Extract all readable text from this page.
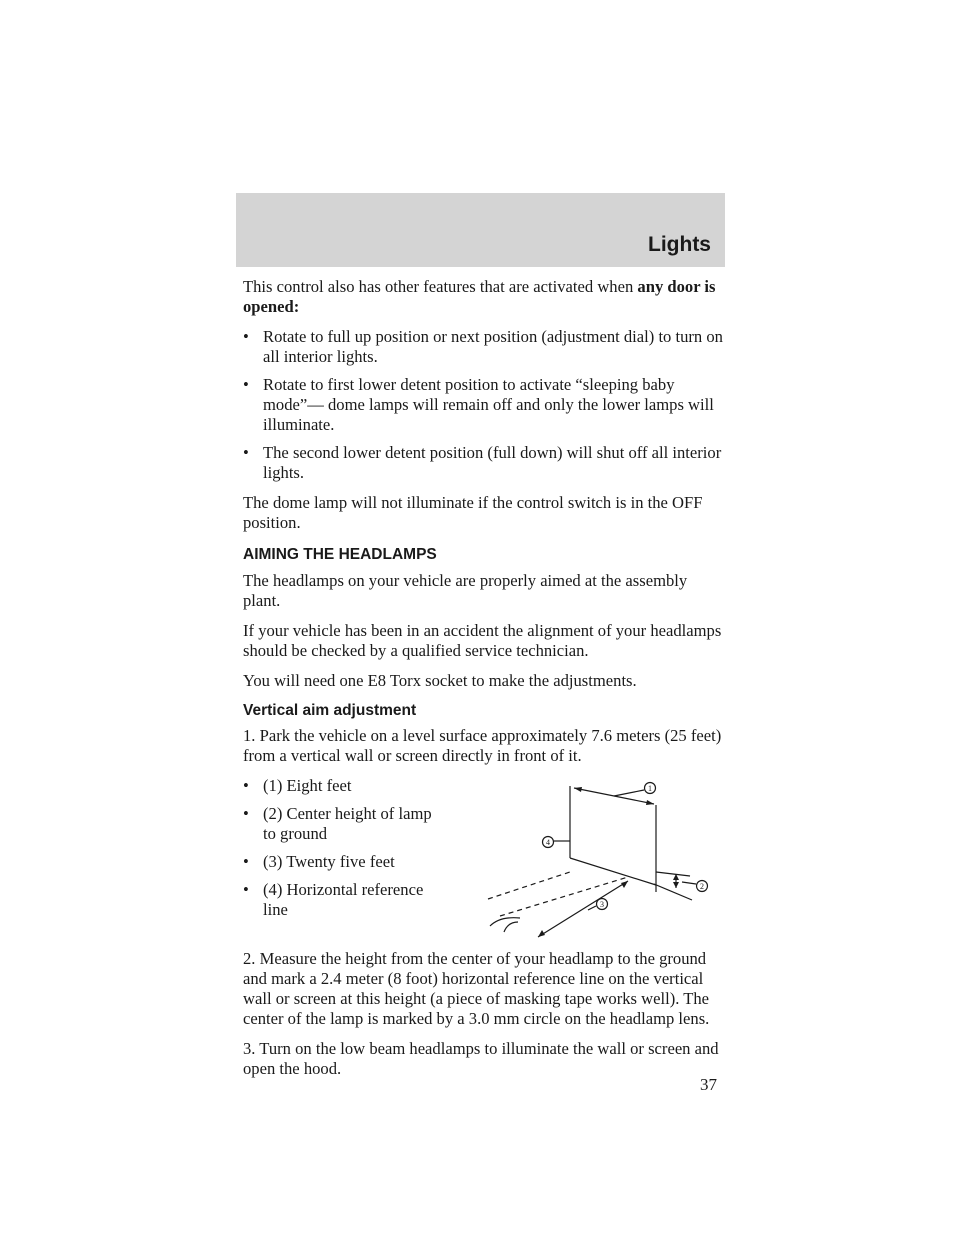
Lights

This control also has other features that are activated when any door is opened:

• Rotate to full up position or next position (adjustment dial) to turn on all interior lights.
• Rotate to first lower detent position to activate “sleeping baby mode”— dome lamps will remain off and only the lower lamps will illuminate.
• The second lower detent position (full down) will shut off all interior lights.

The dome lamp will not illuminate if the control switch is in the OFF position.

AIMING THE HEADLAMPS

The headlamps on your vehicle are properly aimed at the assembly plant.

If your vehicle has been in an accident the alignment of your headlamps should be checked by a qualified service technician.

You will need one E8 Torx socket to make the adjustments.

Vertical aim adjustment

1. Park the vehicle on a level surface approximately 7.6 meters (25 feet) from a vertical wall or screen directly in front of it.

• (1) Eight feet
• (2) Center height of lamp to ground
• (3) Twenty five feet
• (4) Horizontal reference line
1
4
3
2

2. Measure the height from the center of your headlamp to the ground and mark a 2.4 meter (8 foot) horizontal reference line on the vertical wall or screen at this height (a piece of masking tape works well). The center of the lamp is marked by a 3.0 mm circle on the headlamp lens.

3. Turn on the low beam headlamps to illuminate the wall or screen and open the hood.

37
